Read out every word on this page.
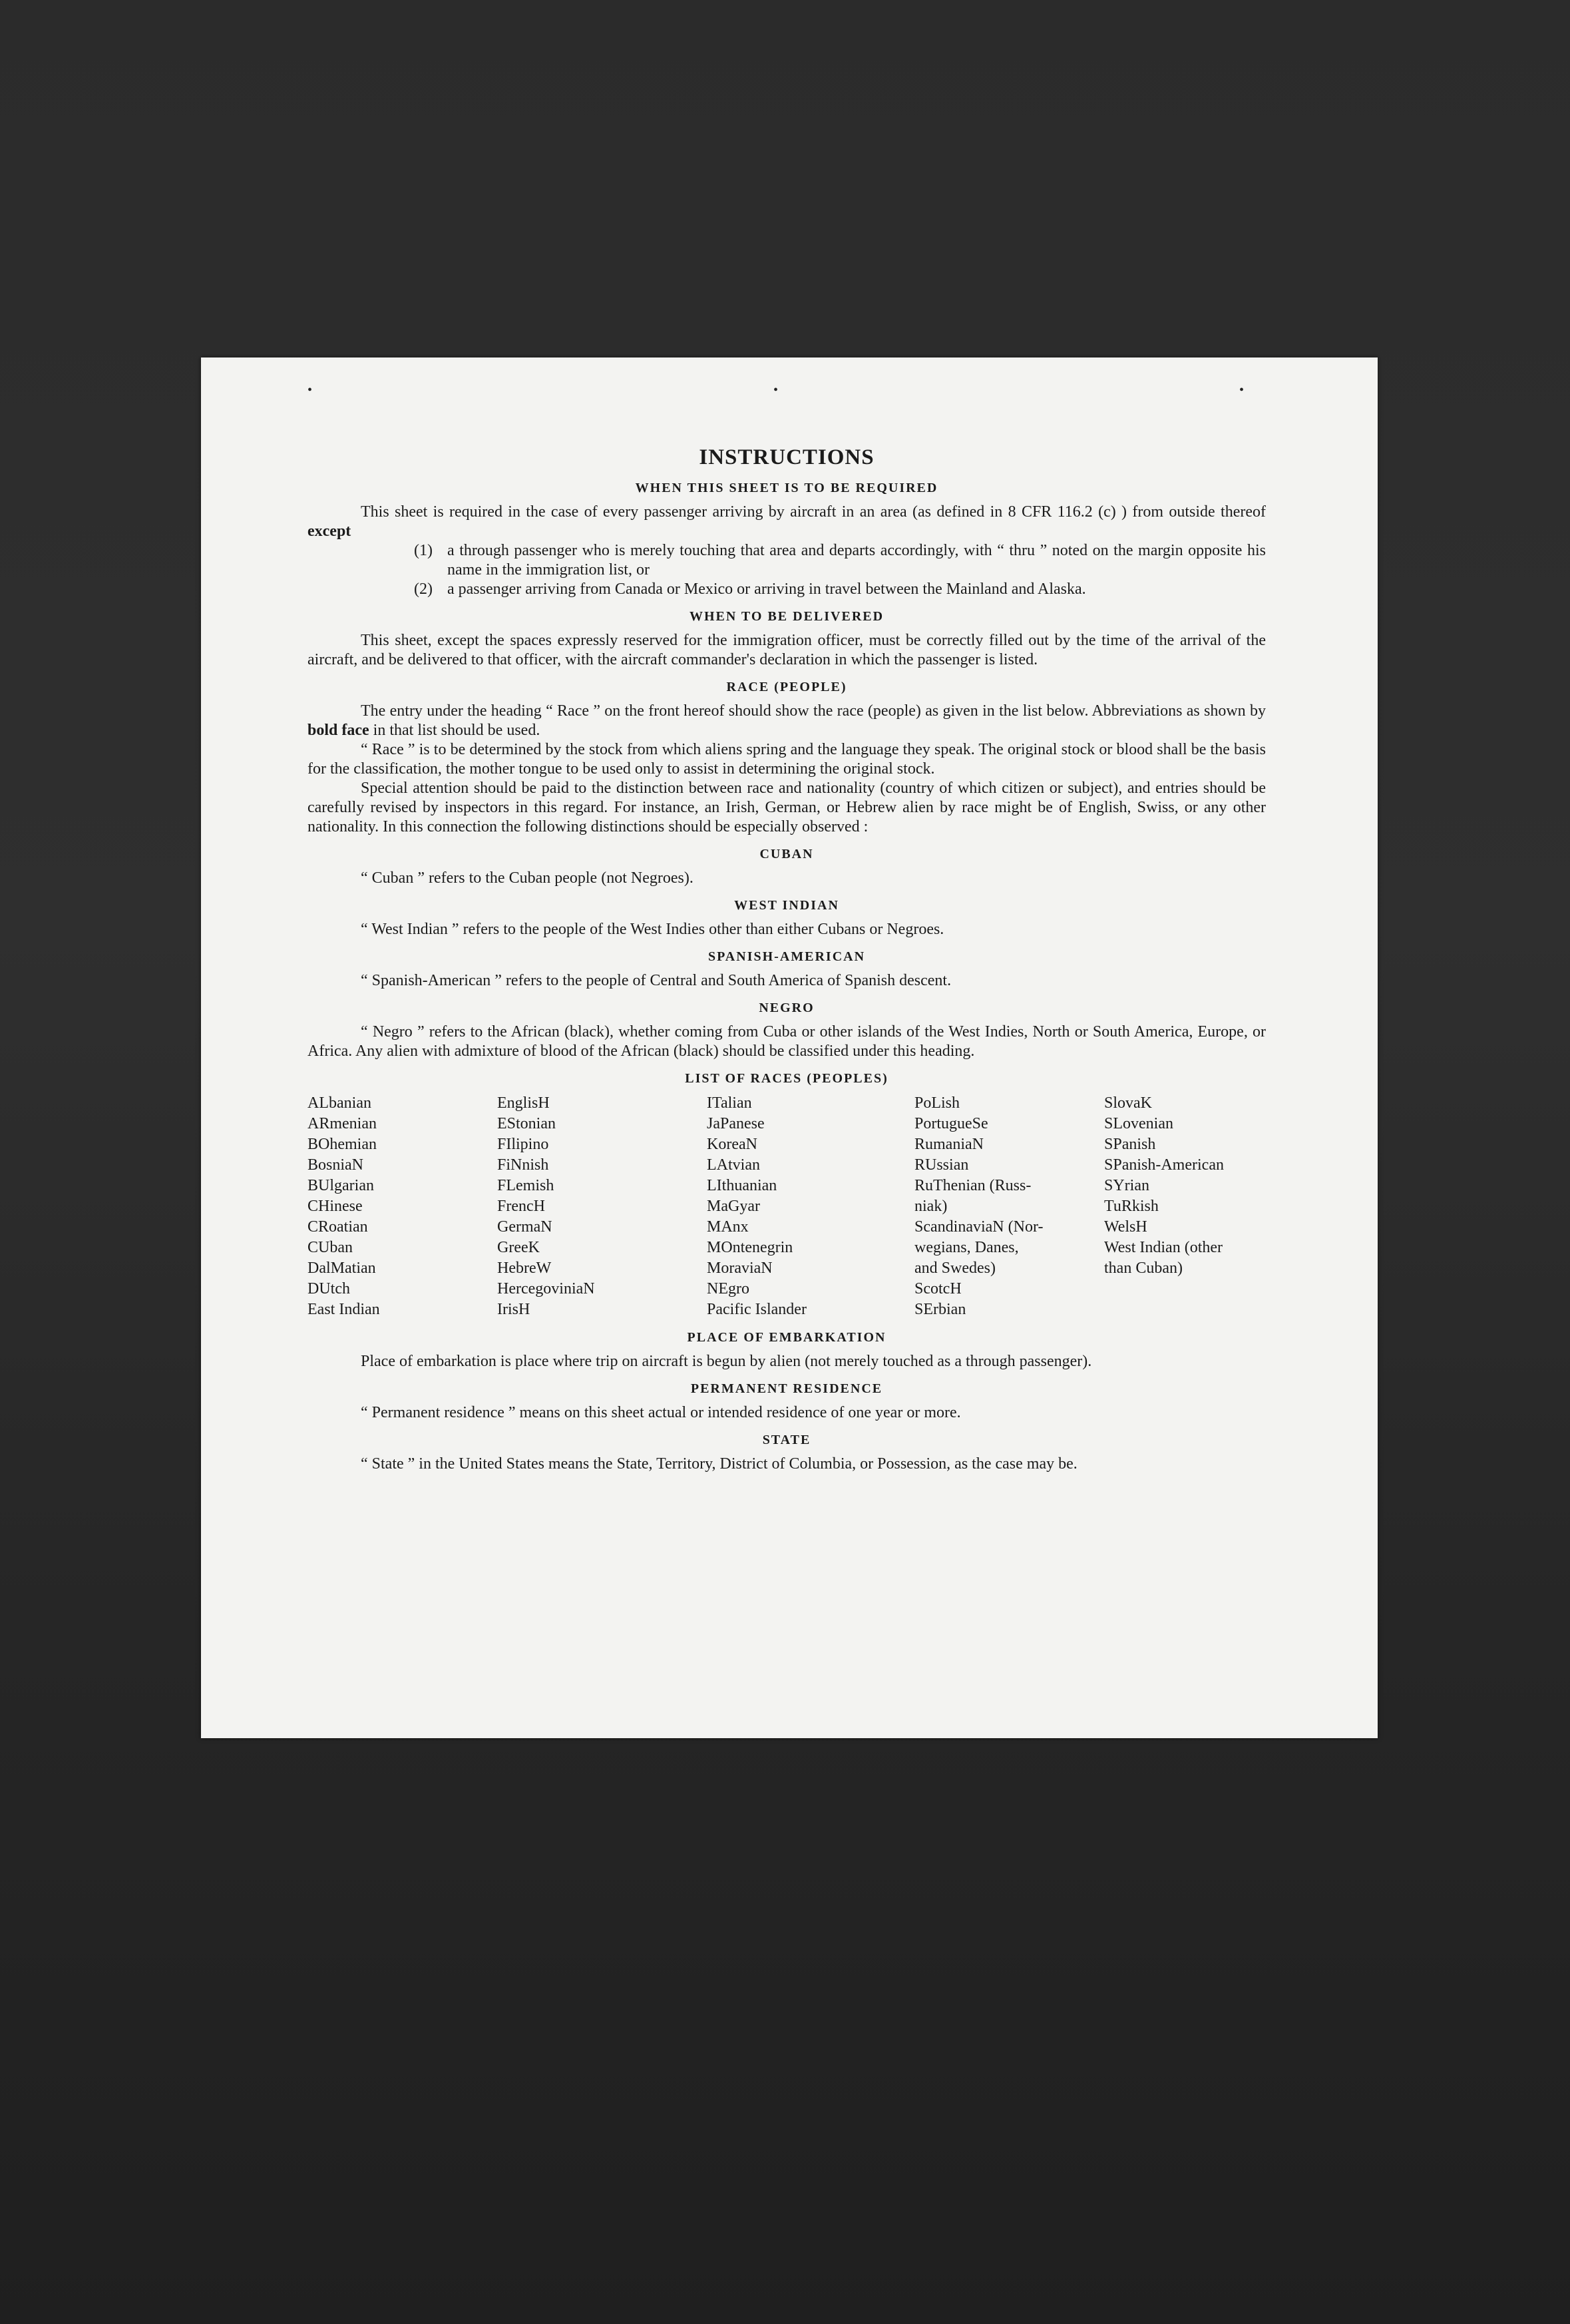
•	•	•
INSTRUCTIONS
WHEN THIS SHEET IS TO BE REQUIRED

This sheet is required in the case of every passenger arriving by aircraft in an area (as defined in 8 CFR 116.2 (c) ) from outside thereof except

(1) a through passenger who is merely touching that area and departs accordingly, with “ thru ” noted on the margin opposite his name in the immigration list, or
(2) a passenger arriving from Canada or Mexico or arriving in travel between the Mainland and Alaska.
WHEN TO BE DELIVERED

This sheet, except the spaces expressly reserved for the immigration officer, must be correctly filled out by the time of the arrival of the aircraft, and be delivered to that officer, with the aircraft commander's declaration in which the passenger is listed.

RACE (PEOPLE)

The entry under the heading “ Race ” on the front hereof should show the race (people) as given in the list below. Abbreviations as shown by bold face in that list should be used.

“ Race ” is to be determined by the stock from which aliens spring and the language they speak. The original stock or blood shall be the basis for the classification, the mother tongue to be used only to assist in determining the original stock.

Special attention should be paid to the distinction between race and nationality (country of which citizen or subject), and entries should be carefully revised by inspectors in this regard. For instance, an Irish, German, or Hebrew alien by race might be of English, Swiss, or any other nationality. In this connection the following distinctions should be especially observed :

CUBAN

“ Cuban ” refers to the Cuban people (not Negroes).

WEST INDIAN

“ West Indian ” refers to the people of the West Indies other than either Cubans or Negroes.

SPANISH-AMERICAN

“ Spanish-American ” refers to the people of Central and South America of Spanish descent.

NEGRO

“ Negro ” refers to the African (black), whether coming from Cuba or other islands of the West Indies, North or South America, Europe, or Africa. Any alien with admixture of blood of the African (black) should be classified under this heading.

LIST OF RACES (PEOPLES)
ALbanian
ARmenian
BOhemian
BosniaN
BUlgarian
CHinese
CRoatian
CUban
DalMatian
DUtch
East Indian
EnglisH
EStonian
FIlipino
FiNnish
FLemish
FrencH
GermaN
GreeK
HebreW
HercegoviniaN
IrisH
ITalian
JaPanese
KoreaN
LAtvian
LIthuanian
MaGyar
MAnx
MOntenegrin
MoraviaN
NEgro
Pacific Islander
PoLish
PortugueSe
RumaniaN
RUssian
RuThenian (Russ-
niak)
ScandinaviaN (Nor-
wegians, Danes,
and Swedes)
ScotcH
SErbian
SlovaK
SLovenian
SPanish
SPanish-American
SYrian
TuRkish
WelsH
West Indian (other
than Cuban)
PLACE OF EMBARKATION

Place of embarkation is place where trip on aircraft is begun by alien (not merely touched as a through passenger).

PERMANENT RESIDENCE

“ Permanent residence ” means on this sheet actual or intended residence of one year or more.

STATE

“ State ” in the United States means the State, Territory, District of Columbia, or Possession, as the case may be.
